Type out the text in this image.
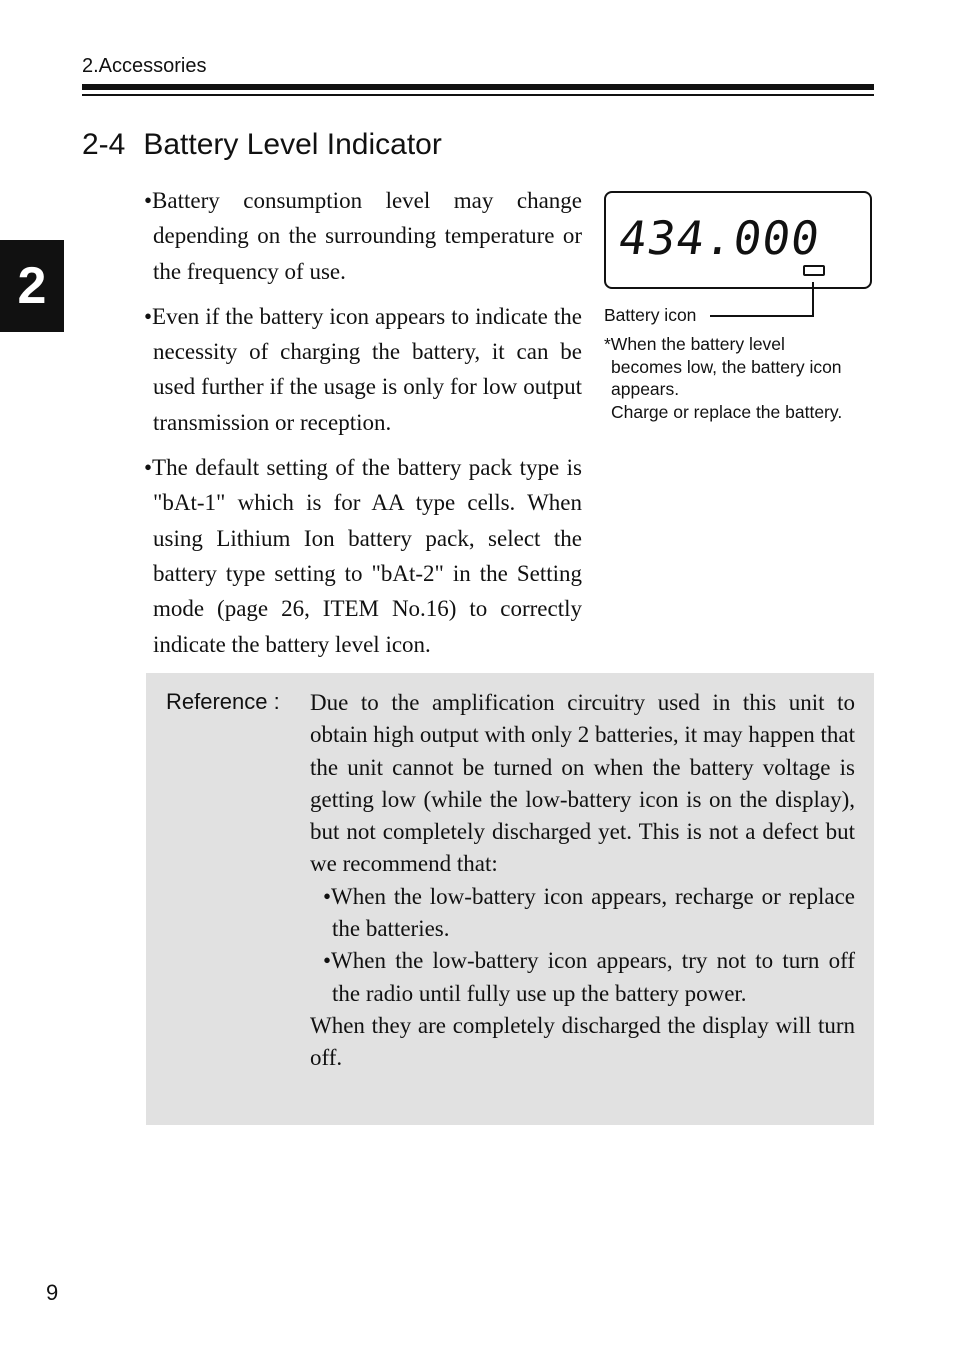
2.Accessories
2
2-4 Battery Level Indicator
•Battery consumption level may change depending on the surrounding temperature or the frequency of use.
•Even if the battery icon appears to indicate the necessity of charging the battery, it can be used further if the usage is only for low output transmission or reception.
•The default setting of the battery pack type is "bAt-1" which is for AA type cells. When using Lithium Ion battery pack, select the battery type setting to "bAt-2" in the Setting mode (page 26, ITEM No.16) to correctly indicate the battery level icon.
434.000
Battery icon
*When the battery level
becomes low, the battery icon appears.
Charge or replace the battery.
Reference : Due to the amplification circuitry used in this unit to obtain high output with only 2 batteries, it may happen that the unit cannot be turned on when the battery voltage is getting low (while the low-battery icon is on the display), but not completely discharged yet. This is not a defect but we recommend that:
•When the low-battery icon appears, recharge or replace the batteries.
•When the low-battery icon appears, try not to turn off the radio until fully use up the battery power.
When they are completely discharged the display will turn off.
9
